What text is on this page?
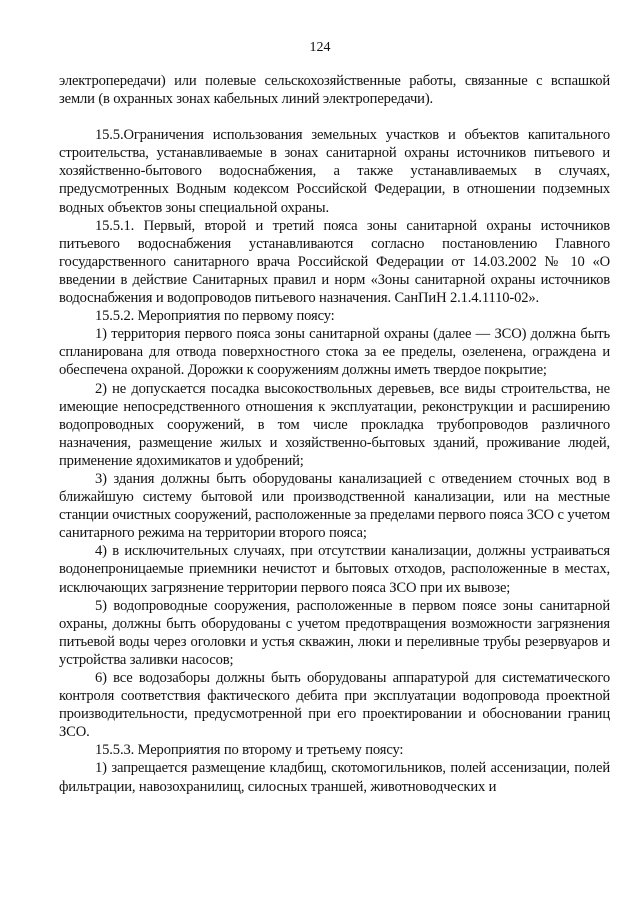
124

электропередачи) или полевые сельскохозяйственные работы, связанные с вспашкой земли (в охранных зонах кабельных линий электропередачи).

15.5.Ограничения использования земельных участков и объектов капитального строительства, устанавливаемые в зонах санитарной охраны источников питьевого и хозяйственно-бытового водоснабжения, а также устанавливаемых в случаях, предусмотренных Водным кодексом Российской Федерации, в отношении подземных водных объектов зоны специальной охраны.

15.5.1. Первый, второй и третий пояса зоны санитарной охраны источников питьевого водоснабжения устанавливаются согласно постановлению Главного государственного санитарного врача Российской Федерации от 14.03.2002 № 10 «О введении в действие Санитарных правил и норм «Зоны санитарной охраны источников водоснабжения и водопроводов питьевого назначения. СанПиН 2.1.4.1110-02».

15.5.2. Мероприятия по первому поясу:

1) территория первого пояса зоны санитарной охраны (далее — ЗСО) должна быть спланирована для отвода поверхностного стока за ее пределы, озеленена, ограждена и обеспечена охраной. Дорожки к сооружениям должны иметь твердое покрытие;

2) не допускается посадка высокоствольных деревьев, все виды строительства, не имеющие непосредственного отношения к эксплуатации, реконструкции и расширению водопроводных сооружений, в том числе прокладка трубопроводов различного назначения, размещение жилых и хозяйственно-бытовых зданий, проживание людей, применение ядохимикатов и удобрений;

3) здания должны быть оборудованы канализацией с отведением сточных вод в ближайшую систему бытовой или производственной канализации, или на местные станции очистных сооружений, расположенные за пределами первого пояса ЗСО с учетом санитарного режима на территории второго пояса;

4) в исключительных случаях, при отсутствии канализации, должны устраиваться водонепроницаемые приемники нечистот и бытовых отходов, расположенные в местах, исключающих загрязнение территории первого пояса ЗСО при их вывозе;

5) водопроводные сооружения, расположенные в первом поясе зоны санитарной охраны, должны быть оборудованы с учетом предотвращения возможности загрязнения питьевой воды через оголовки и устья скважин, люки и переливные трубы резервуаров и устройства заливки насосов;

6) все водозаборы должны быть оборудованы аппаратурой для систематического контроля соответствия фактического дебита при эксплуатации водопровода проектной производительности, предусмотренной при его проектировании и обосновании границ ЗСО.

15.5.3. Мероприятия по второму и третьему поясу:

1) запрещается размещение кладбищ, скотомогильников, полей ассенизации, полей фильтрации, навозохранилищ, силосных траншей, животноводческих и
